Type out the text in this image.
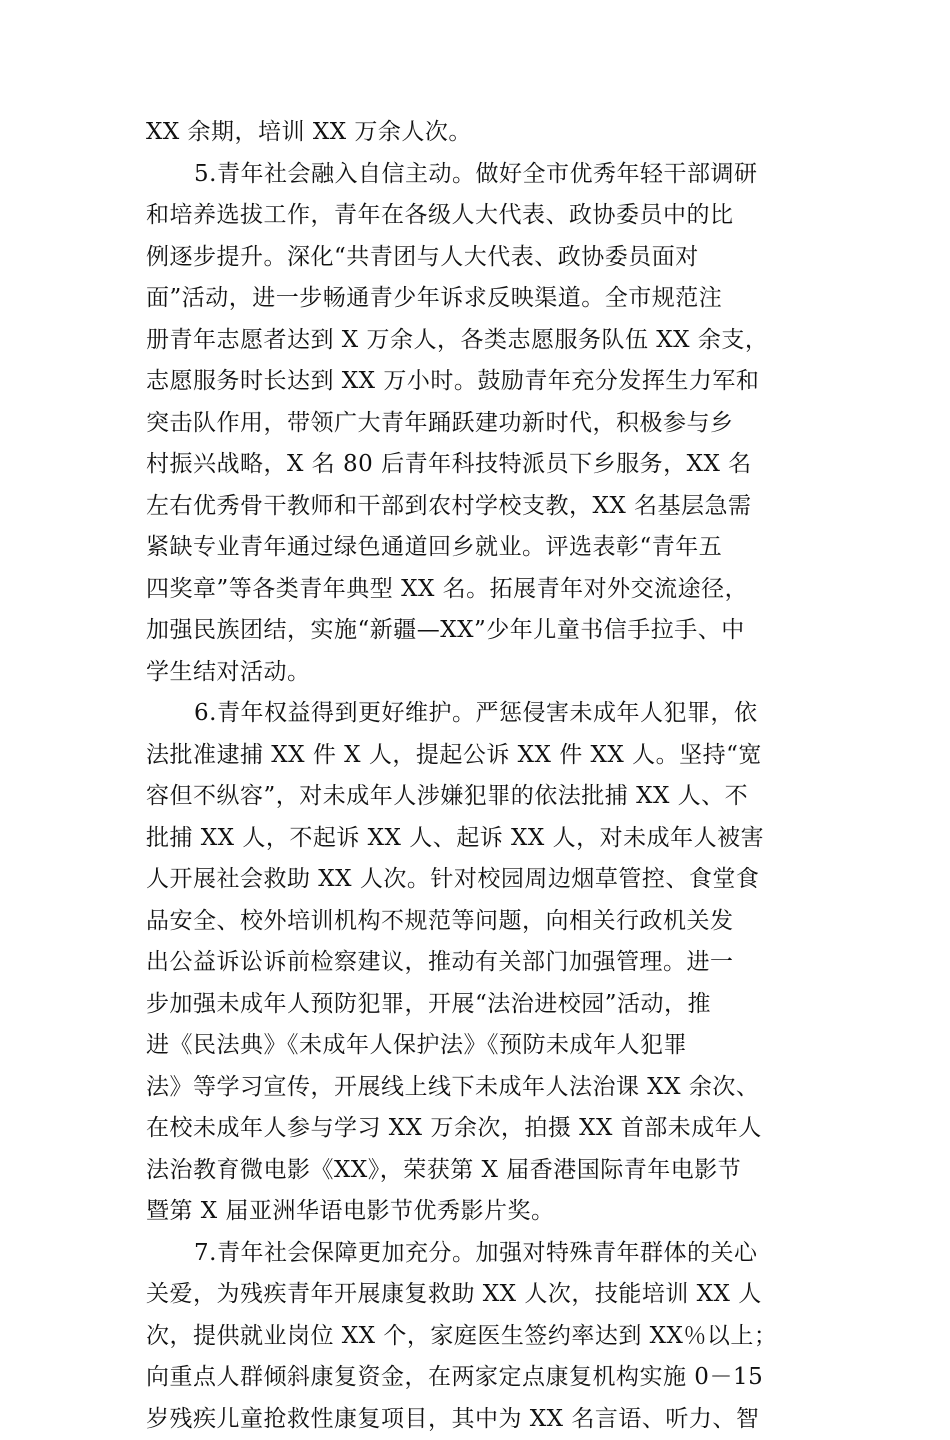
XX 余期，培训 XX 万余人次。
5.青年社会融入自信主动。做好全市优秀年轻干部调研
和培养选拔工作，青年在各级人大代表、政协委员中的比
例逐步提升。深化“共青团与人大代表、政协委员面对
面”活动，进一步畅通青少年诉求反映渠道。全市规范注
册青年志愿者达到 X 万余人，各类志愿服务队伍 XX 余支，
志愿服务时长达到 XX 万小时。鼓励青年充分发挥生力军和
突击队作用，带领广大青年踊跃建功新时代，积极参与乡
村振兴战略，X 名 80 后青年科技特派员下乡服务，XX 名
左右优秀骨干教师和干部到农村学校支教，XX 名基层急需
紧缺专业青年通过绿色通道回乡就业。评选表彰“青年五
四奖章”等各类青年典型 XX 名。拓展青年对外交流途径，
加强民族团结，实施“新疆—XX”少年儿童书信手拉手、中
学生结对活动。
6.青年权益得到更好维护。严惩侵害未成年人犯罪，依
法批准逮捕 XX 件 X 人，提起公诉 XX 件 XX 人。坚持“宽
容但不纵容”，对未成年人涉嫌犯罪的依法批捕 XX 人、不
批捕 XX 人，不起诉 XX 人、起诉 XX 人，对未成年人被害
人开展社会救助 XX 人次。针对校园周边烟草管控、食堂食
品安全、校外培训机构不规范等问题，向相关行政机关发
出公益诉讼诉前检察建议，推动有关部门加强管理。进一
步加强未成年人预防犯罪，开展“法治进校园”活动，推
进《民法典》《未成年人保护法》《预防未成年人犯罪
法》等学习宣传，开展线上线下未成年人法治课 XX 余次、
在校未成年人参与学习 XX 万余次，拍摄 XX 首部未成年人
法治教育微电影《XX》，荣获第 X 届香港国际青年电影节
暨第 X 届亚洲华语电影节优秀影片奖。
7.青年社会保障更加充分。加强对特殊青年群体的关心
关爱，为残疾青年开展康复救助 XX 人次，技能培训 XX 人
次，提供就业岗位 XX 个，家庭医生签约率达到 XX％以上；
向重点人群倾斜康复资金，在两家定点康复机构实施 0－15
岁残疾儿童抢救性康复项目，其中为 XX 名言语、听力、智
